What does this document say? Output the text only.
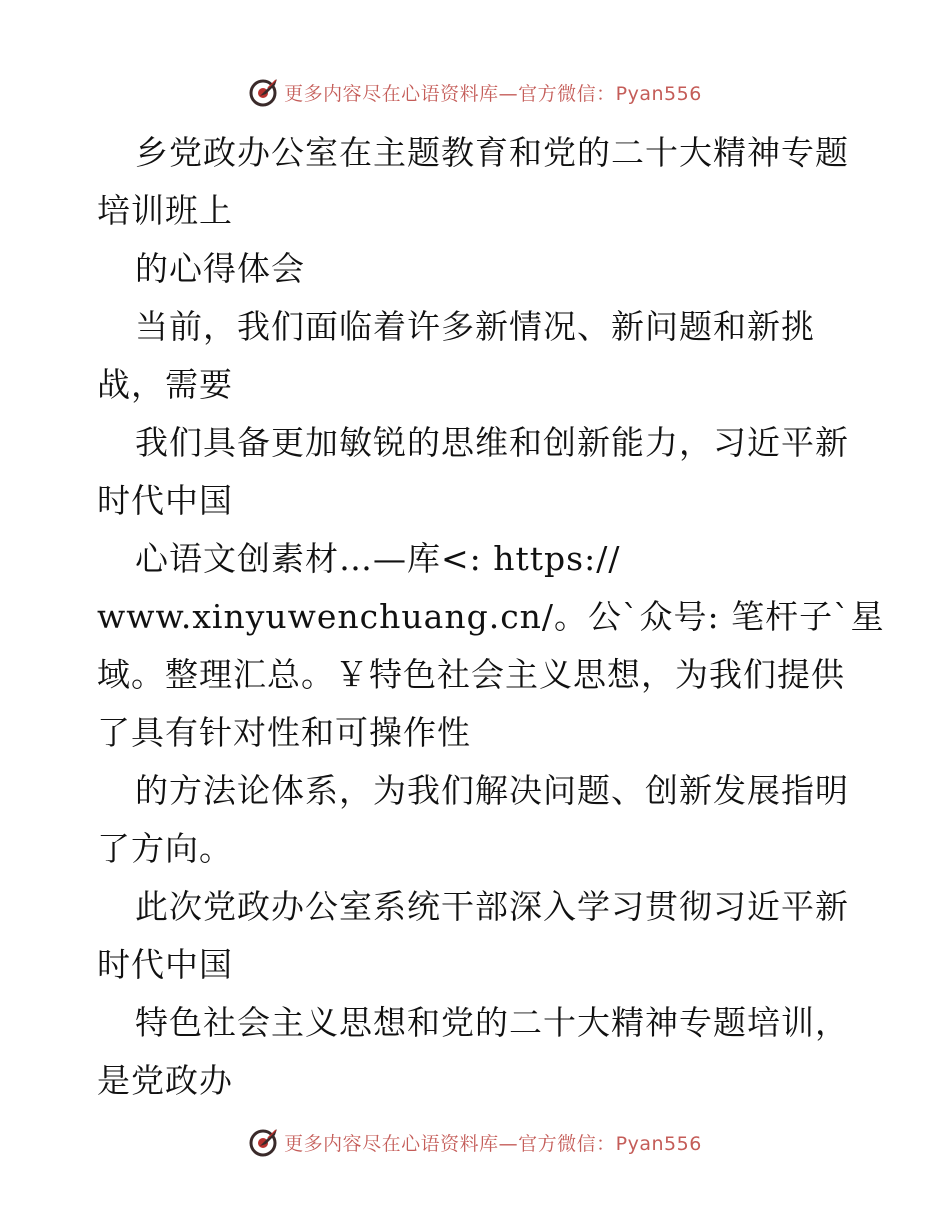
更多内容尽在心语资料库—官方微信：Pyan556
乡党政办公室在主题教育和党的二十大精神专题
培训班上
的心得体会
当前，我们面临着许多新情况、新问题和新挑
战，需要
我们具备更加敏锐的思维和创新能力，习近平新
时代中国
心语文创素材…—库<: https://
www.xinyuwenchuang.cn/。公`众号: 笔杆子`星
域。整理汇总。￥特色社会主义思想，为我们提供
了具有针对性和可操作性
的方法论体系，为我们解决问题、创新发展指明
了方向。
此次党政办公室系统干部深入学习贯彻习近平新
时代中国
特色社会主义思想和党的二十大精神专题培训，
是党政办
更多内容尽在心语资料库—官方微信：Pyan556
